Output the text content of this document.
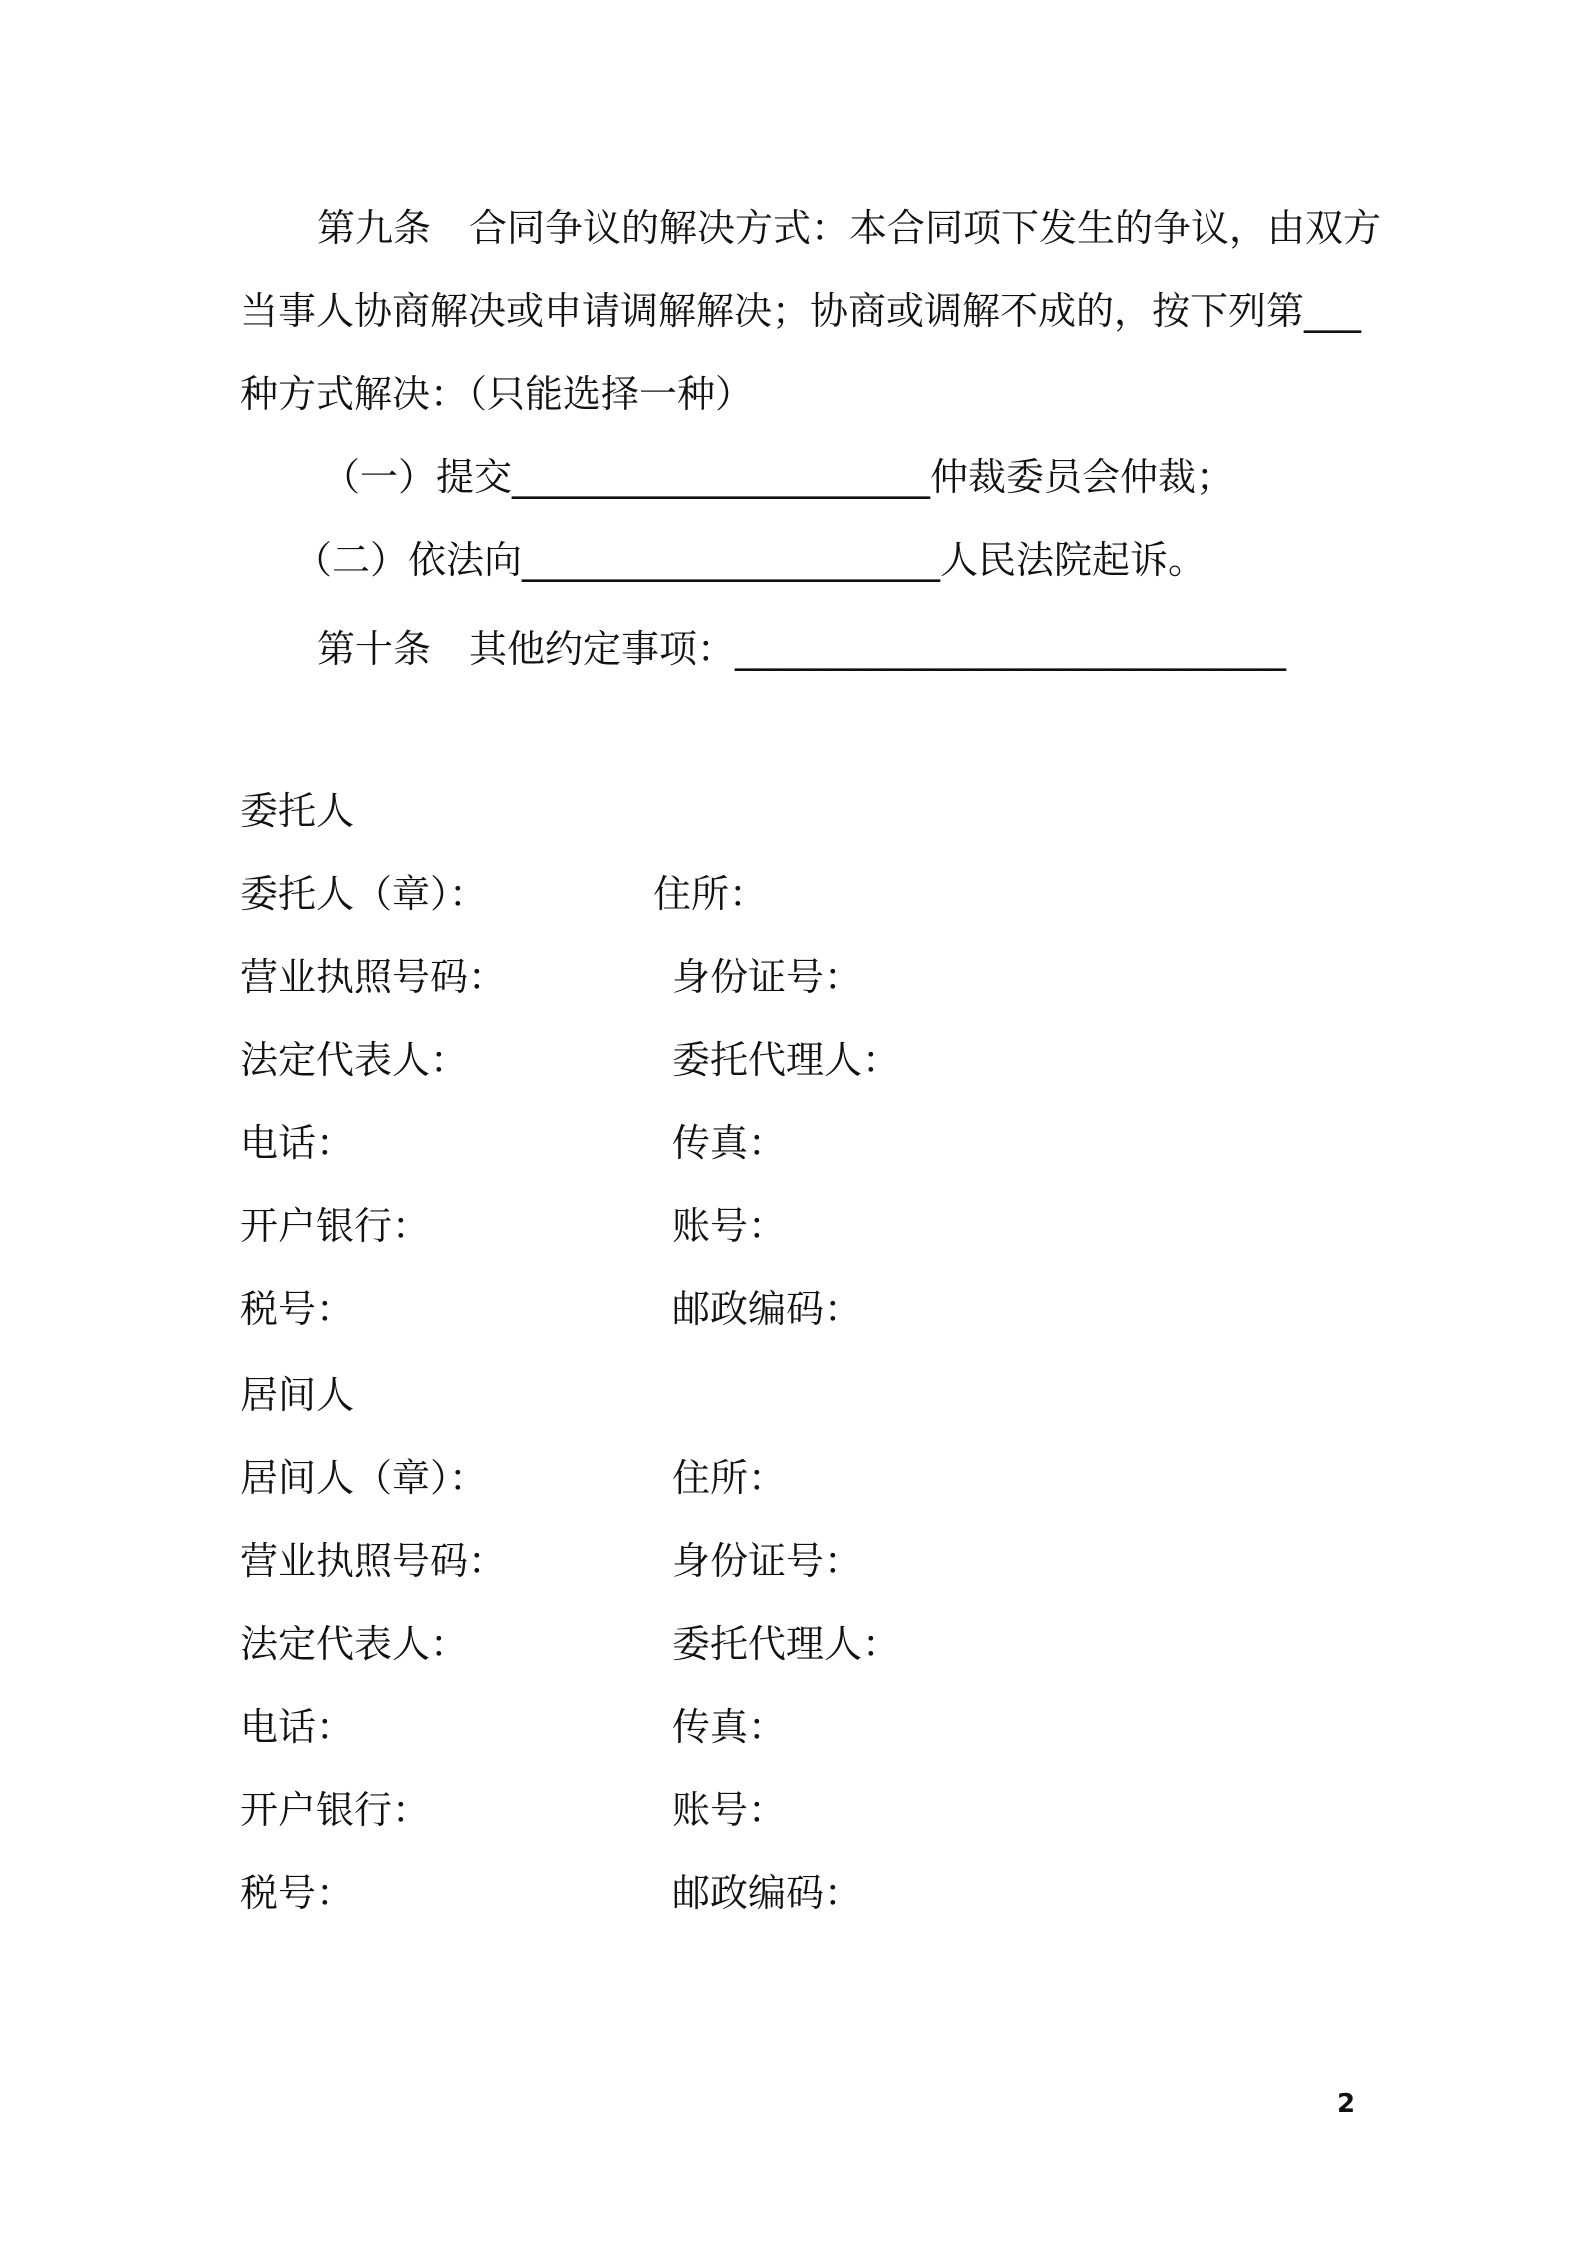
第九条　合同争议的解决方式：本合同项下发生的争议，由双方
当事人协商解决或申请调解解决；协商或调解不成的，按下列第___
种方式解决：（只能选择一种）
（一）提交______________________仲裁委员会仲裁；
（二）依法向______________________人民法院起诉。
第十条　其他约定事项：_____________________________
委托人
委托人（章）：	住所：
营业执照号码：	身份证号：
法定代表人：	委托代理人：
电话：	传真：
开户银行：	账号：
税号：	邮政编码：
居间人
居间人（章）：	住所：
营业执照号码：	身份证号：
法定代表人：	委托代理人：
电话：	传真：
开户银行：	账号：
税号：	邮政编码：
2
